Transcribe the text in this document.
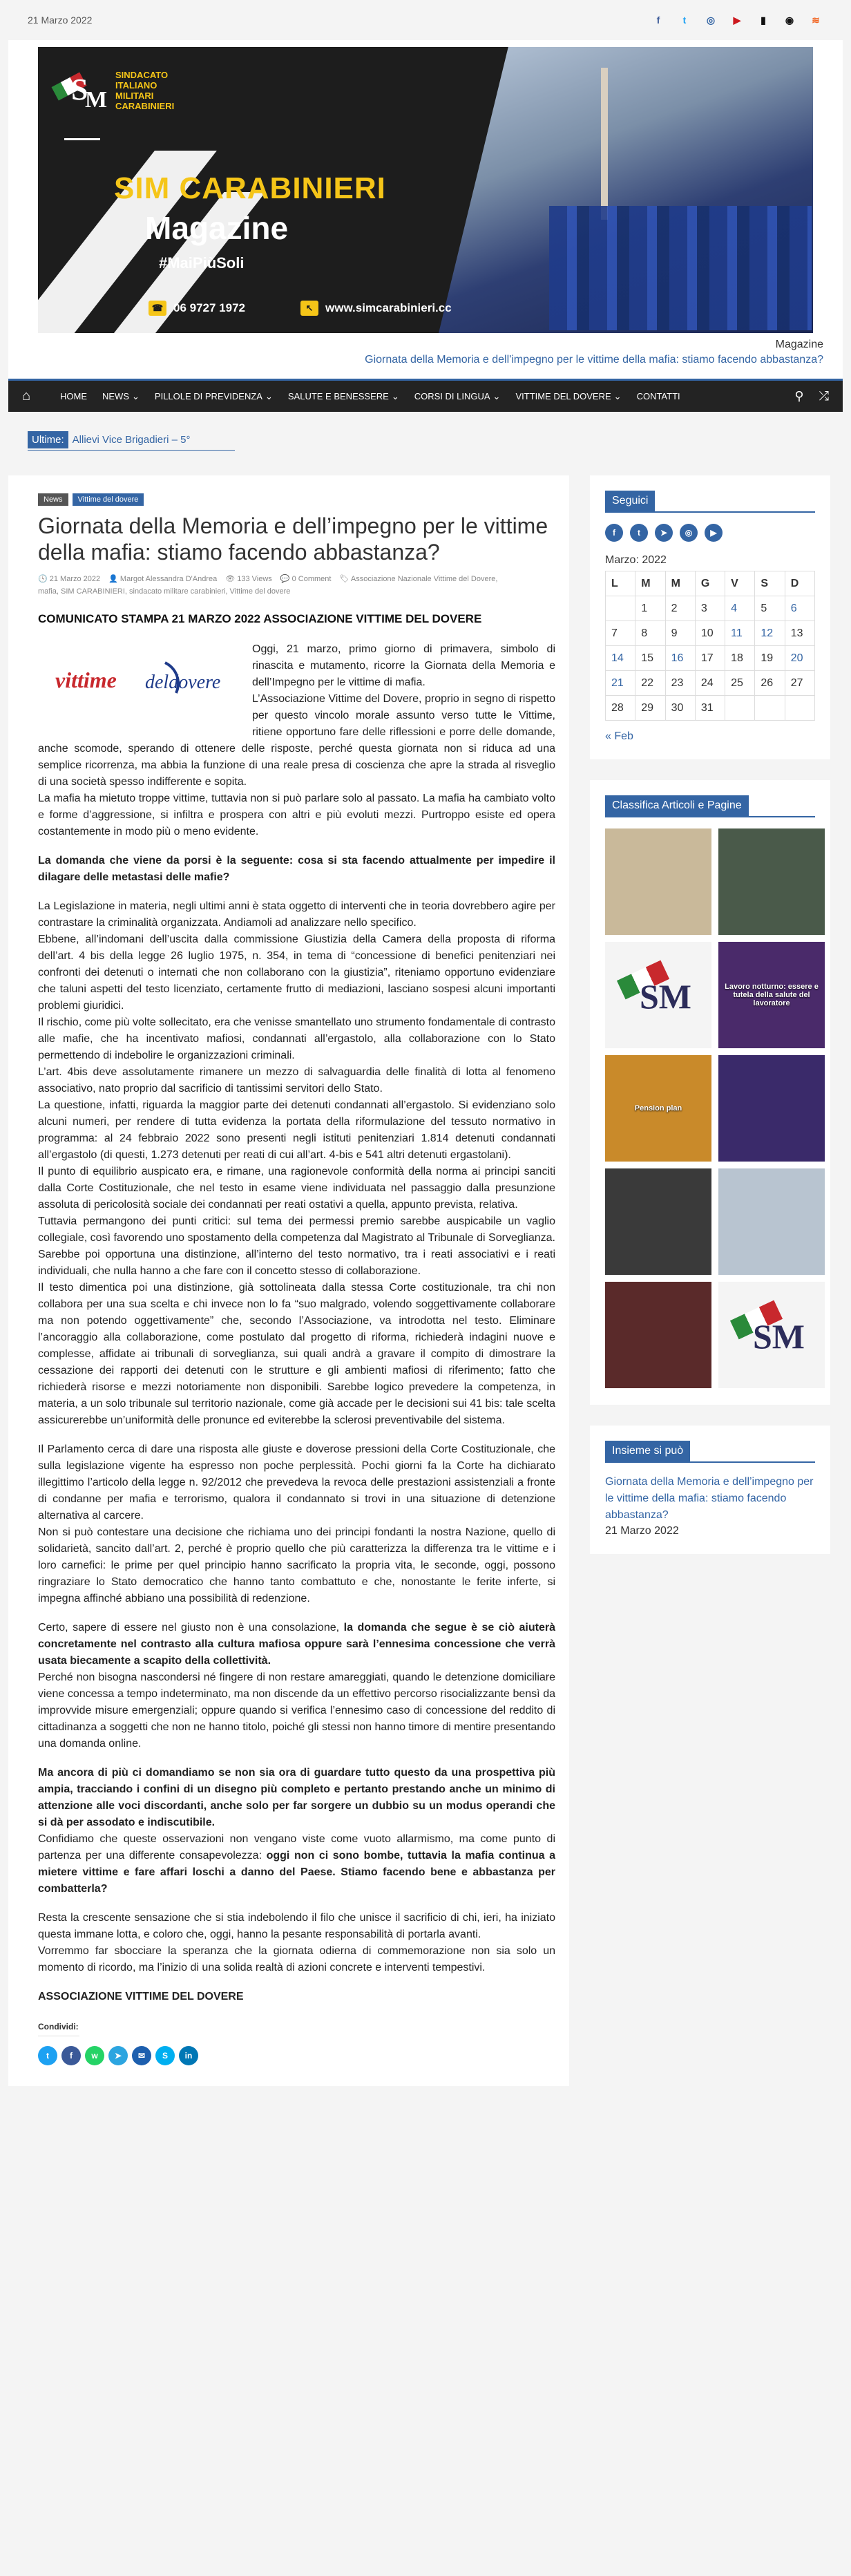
21 Marzo 2022	f	t	◎	▶	▮	◉	≋
S
M
SINDACATO
ITALIANO
MILITARI
CARABINIERI
SIM CARABINIERI
Magazine
#MaiPiùSoli
☎ 06 9727 1972	↖	www.simcarabinieri.cc
Magazine
Giornata della Memoria e dell'impegno per le vittime della mafia: stiamo facendo abbastanza?
⌂	HOME NEWS ⌄ PILLOLE DI PREVIDENZA ⌄ SALUTE E BENESSERE ⌄ CORSI DI LINGUA ⌄ VITTIME DEL DOVERE ⌄ CONTATTI	⚲ ⤮
Ultime: Allievi Vice Brigadieri – 5°
News	Vittime del dovere
Giornata della Memoria e dell’impegno per le vittime della mafia: stiamo facendo abbastanza?
🕓 21 Marzo 2022 👤 Margot Alessandra D'Andrea 👁 133 Views 💬 0 Comment 🏷 Associazione Nazionale Vittime del Dovere,
mafia, SIM CARABINIERI, sindacato militare carabinieri, Vittime del dovere
COMUNICATO STAMPA 21 MARZO 2022 ASSOCIAZIONE VITTIME DEL DOVERE
vittime deldovere

Oggi, 21 marzo, primo giorno di primavera, simbolo di rinascita e mutamento, ricorre la Giornata della Memoria e dell’Impegno per le vittime di mafia.

L’Associazione Vittime del Dovere, proprio in segno di rispetto per questo vincolo morale assunto verso tutte le Vittime, ritiene opportuno fare delle riflessioni e porre delle domande, anche scomode, sperando di ottenere delle risposte, perché questa giornata non si riduca ad una semplice ricorrenza, ma abbia la funzione di una reale presa di coscienza che apre la strada al risveglio di una società spesso indifferente e sopita.

La mafia ha mietuto troppe vittime, tuttavia non si può parlare solo al passato. La mafia ha cambiato volto e forme d’aggressione, si infiltra e prospera con altri e più evoluti mezzi. Purtroppo esiste ed opera costantemente in modo più o meno evidente.

La domanda che viene da porsi è la seguente: cosa si sta facendo attualmente per impedire il dilagare delle metastasi delle mafie?

La Legislazione in materia, negli ultimi anni è stata oggetto di interventi che in teoria dovrebbero agire per contrastare la criminalità organizzata. Andiamoli ad analizzare nello specifico.

Ebbene, all’indomani dell’uscita dalla commissione Giustizia della Camera della proposta di riforma dell’art. 4 bis della legge 26 luglio 1975, n. 354, in tema di “concessione di benefici penitenziari nei confronti dei detenuti o internati che non collaborano con la giustizia”, riteniamo opportuno evidenziare che taluni aspetti del testo licenziato, certamente frutto di mediazioni, lasciano sospesi alcuni importanti problemi giuridici.

Il rischio, come più volte sollecitato, era che venisse smantellato uno strumento fondamentale di contrasto alle mafie, che ha incentivato mafiosi, condannati all’ergastolo, alla collaborazione con lo Stato permettendo di indebolire le organizzazioni criminali.

L’art. 4bis deve assolutamente rimanere un mezzo di salvaguardia delle finalità di lotta al fenomeno associativo, nato proprio dal sacrificio di tantissimi servitori dello Stato.

La questione, infatti, riguarda la maggior parte dei detenuti condannati all’ergastolo. Si evidenziano solo alcuni numeri, per rendere di tutta evidenza la portata della riformulazione del tessuto normativo in programma: al 24 febbraio 2022 sono presenti negli istituti penitenziari 1.814 detenuti condannati all’ergastolo (di questi, 1.273 detenuti per reati di cui all’art. 4-bis e 541 altri detenuti ergastolani).

Il punto di equilibrio auspicato era, e rimane, una ragionevole conformità della norma ai principi sanciti dalla Corte Costituzionale, che nel testo in esame viene individuata nel passaggio dalla presunzione assoluta di pericolosità sociale dei condannati per reati ostativi a quella, appunto prevista, relativa.

Tuttavia permangono dei punti critici: sul tema dei permessi premio sarebbe auspicabile un vaglio collegiale, così favorendo uno spostamento della competenza dal Magistrato al Tribunale di Sorveglianza. Sarebbe poi opportuna una distinzione, all’interno del testo normativo, tra i reati associativi e i reati individuali, che nulla hanno a che fare con il concetto stesso di collaborazione.

Il testo dimentica poi una distinzione, già sottolineata dalla stessa Corte costituzionale, tra chi non collabora per una sua scelta e chi invece non lo fa “suo malgrado, volendo soggettivamente collaborare ma non potendo oggettivamente” che, secondo l’Associazione, va introdotta nel testo. Eliminare l’ancoraggio alla collaborazione, come postulato dal progetto di riforma, richiederà indagini nuove e complesse, affidate ai tribunali di sorveglianza, sui quali andrà a gravare il compito di dimostrare la cessazione dei rapporti dei detenuti con le strutture e gli ambienti mafiosi di riferimento; fatto che richiederà risorse e mezzi notoriamente non disponibili. Sarebbe logico prevedere la competenza, in materia, a un solo tribunale sul territorio nazionale, come già accade per le decisioni sui 41 bis: tale scelta assicurerebbe un’uniformità delle pronunce ed eviterebbe la sclerosi preventivabile del sistema.

Il Parlamento cerca di dare una risposta alle giuste e doverose pressioni della Corte Costituzionale, che sulla legislazione vigente ha espresso non poche perplessità. Pochi giorni fa la Corte ha dichiarato illegittimo l’articolo della legge n. 92/2012 che prevedeva la revoca delle prestazioni assistenziali a fronte di condanne per mafia e terrorismo, qualora il condannato si trovi in una situazione di detenzione alternativa al carcere.

Non si può contestare una decisione che richiama uno dei principi fondanti la nostra Nazione, quello di solidarietà, sancito dall’art. 2, perché è proprio quello che più caratterizza la differenza tra le vittime e i loro carnefici: le prime per quel principio hanno sacrificato la propria vita, le seconde, oggi, possono ringraziare lo Stato democratico che hanno tanto combattuto e che, nonostante le ferite inferte, si impegna affinché abbiano una possibilità di redenzione.

Certo, sapere di essere nel giusto non è una consolazione, la domanda che segue è se ciò aiuterà concretamente nel contrasto alla cultura mafiosa oppure sarà l’ennesima concessione che verrà usata biecamente a scapito della collettività.

Perché non bisogna nascondersi né fingere di non restare amareggiati, quando le detenzione domiciliare viene concessa a tempo indeterminato, ma non discende da un effettivo percorso risocializzante bensì da improvvide misure emergenziali; oppure quando si verifica l’ennesimo caso di concessione del reddito di cittadinanza a soggetti che non ne hanno titolo, poiché gli stessi non hanno timore di mentire presentando una domanda online.

Ma ancora di più ci domandiamo se non sia ora di guardare tutto questo da una prospettiva più ampia, tracciando i confini di un disegno più completo e pertanto prestando anche un minimo di attenzione alle voci discordanti, anche solo per far sorgere un dubbio su un modus operandi che si dà per assodato e indiscutibile.

Confidiamo che queste osservazioni non vengano viste come vuoto allarmismo, ma come punto di partenza per una differente consapevolezza: oggi non ci sono bombe, tuttavia la mafia continua a mietere vittime e fare affari loschi a danno del Paese. Stiamo facendo bene e abbastanza per combatterla?

Resta la crescente sensazione che si stia indebolendo il filo che unisce il sacrificio di chi, ieri, ha iniziato questa immane lotta, e coloro che, oggi, hanno la pesante responsabilità di portarla avanti.

Vorremmo far sbocciare la speranza che la giornata odierna di commemorazione non sia solo un momento di ricordo, ma l’inizio di una solida realtà di azioni concrete e interventi tempestivi.

ASSOCIAZIONE VITTIME DEL DOVERE

Condividi:
t	f	w	➤	✉	S	in
Seguici
f	t	➤	◎	▶
Marzo: 2022
L	M	M	G	V	S	D
	1	2	3	4	5	6
7	8	9	10	11	12	13
14	15	16	17	18	19	20
21	22	23	24	25	26	27
28	29	30	31			
« Feb
Classifica Articoli e Pagine
SM	Lavoro notturno: essere e tutela della salute del lavoratore
Pension plan
SM
Insieme si può
Giornata della Memoria e dell’impegno per le vittime della mafia: stiamo facendo abbastanza?
21 Marzo 2022
